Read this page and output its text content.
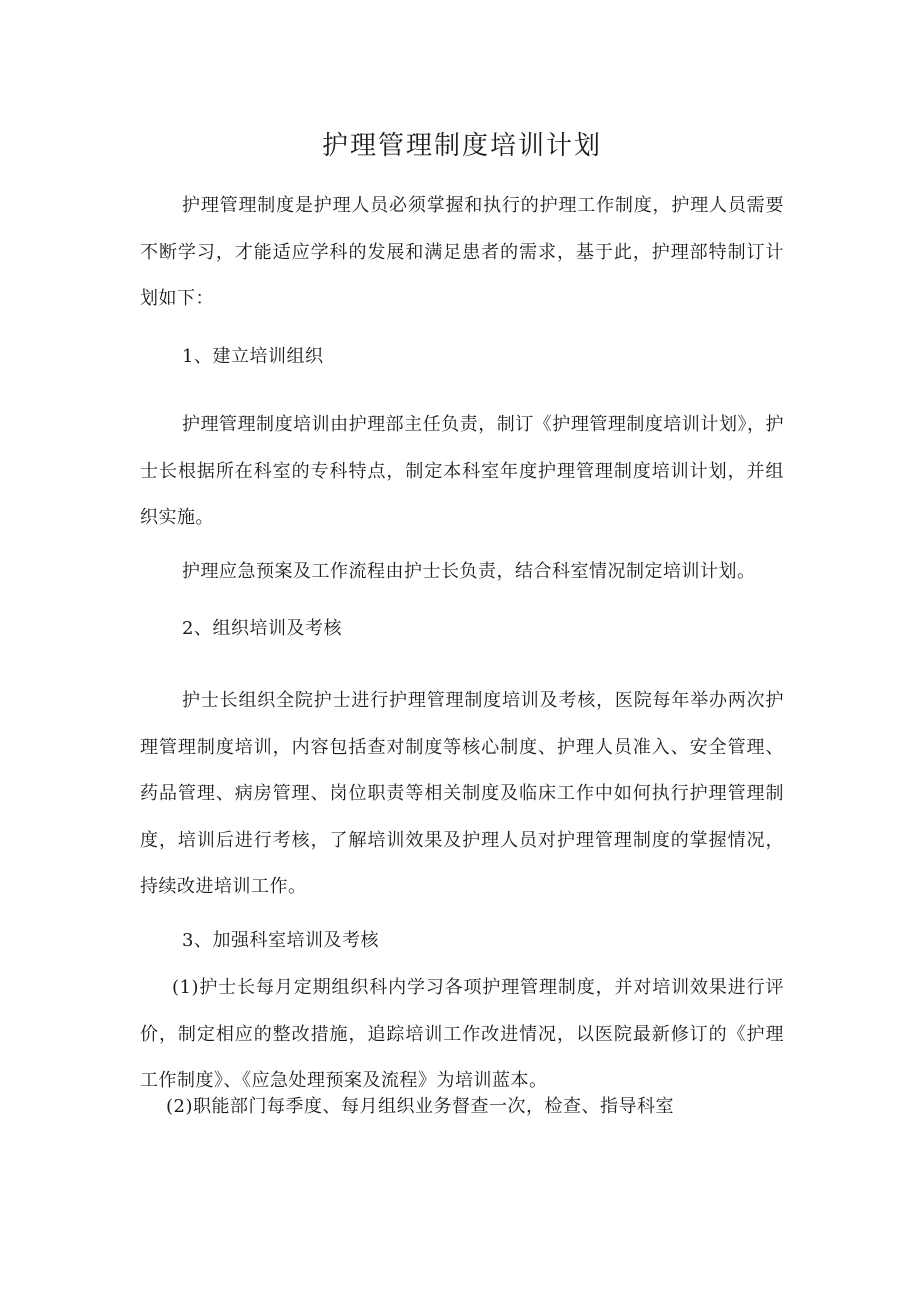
护理管理制度培训计划
护理管理制度是护理人员必须掌握和执行的护理工作制度，护理人员需要不断学习，才能适应学科的发展和满足患者的需求，基于此，护理部特制订计划如下：
1、建立培训组织
护理管理制度培训由护理部主任负责，制订《护理管理制度培训计划》，护士长根据所在科室的专科特点，制定本科室年度护理管理制度培训计划，并组织实施。
护理应急预案及工作流程由护士长负责，结合科室情况制定培训计划。
2、组织培训及考核
护士长组织全院护士进行护理管理制度培训及考核，医院每年举办两次护理管理制度培训，内容包括查对制度等核心制度、护理人员准入、安全管理、药品管理、病房管理、岗位职责等相关制度及临床工作中如何执行护理管理制度，培训后进行考核，了解培训效果及护理人员对护理管理制度的掌握情况，持续改进培训工作。
3、加强科室培训及考核
(1)护士长每月定期组织科内学习各项护理管理制度，并对培训效果进行评价，制定相应的整改措施，追踪培训工作改进情况，以医院最新修订的《护理工作制度》、《应急处理预案及流程》为培训蓝本。
(2)职能部门每季度、每月组织业务督查一次，检查、指导科室
